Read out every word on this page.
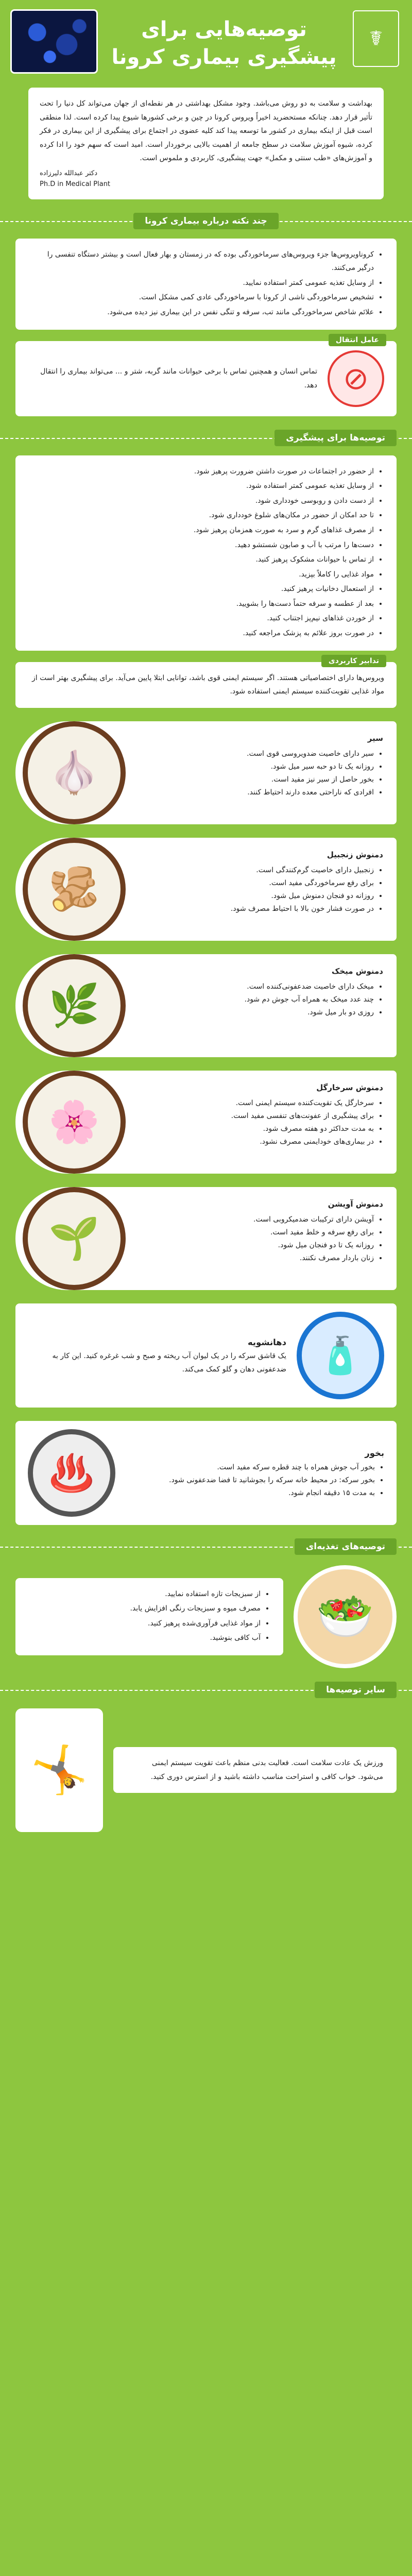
☤
توصیه‌هایی برای
پیشگیری بیماری کرونا

بهداشت و سلامت به دو روش می‌باشد. وجود مشکل بهداشتی در هر نقطه‌ای از جهان می‌تواند کل دنیا را تحت تأثیر قرار دهد. چنانکه مستحضرید اخیراً ویروس کرونا در چین و برخی کشورها شیوع پیدا کرده است. لذا منطقی است قبل از اینکه بیماری در کشور ما توسعه پیدا کند کلیه عضوی در اجتماع برای پیشگیری از این بیماری در فکر کرده، شیوه آموزش سلامت در سطح جامعه از اهمیت بالایی برخوردار است. امید است که سهم خود را ادا کرده و آموزش‌های «طب سنتی و مکمل» جهت پیشگیری، کاربردی و ملموس است.

دکتر عبدالله دلیرزاده
Ph.D in Medical Plant
چند نکته درباره بیماری کرونا
• کروناویروس‌ها جزء ویروس‌های سرماخوردگی بوده که در زمستان و بهار فعال است و بیشتر دستگاه تنفسی را درگیر می‌کنند.
• از وسایل تغذیه عمومی کمتر استفاده نمایید.
• تشخیص سرماخوردگی ناشی از کرونا با سرماخوردگی عادی کمی مشکل است.
• علائم شاخص سرماخوردگی مانند تب، سرفه و تنگی نفس در این بیماری نیز دیده می‌شود.
عامل انتقال
⊘

تماس انسان و همچنین تماس با برخی حیوانات مانند گربه، شتر و ... می‌تواند بیماری را انتقال دهد.

توصیه‌ها برای پیشگیری
• از حضور در اجتماعات در صورت داشتن ضرورت پرهیز شود.
• از وسایل تغذیه عمومی کمتر استفاده شود.
• از دست دادن و روبوسی خودداری شود.
• تا حد امکان از حضور در مکان‌های شلوغ خودداری شود.
• از مصرف غذاهای گرم و سرد به صورت همزمان پرهیز شود.
• دست‌ها را مرتب با آب و صابون شستشو دهید.
• از تماس با حیوانات مشکوک پرهیز کنید.
• مواد غذایی را کاملاً بپزید.
• از استعمال دخانیات پرهیز کنید.
• بعد از عطسه و سرفه حتماً دست‌ها را بشویید.
• از خوردن غذاهای نیم‌پز اجتناب کنید.
• در صورت بروز علائم به پزشک مراجعه کنید.
تدابیر کاربردی

ویروس‌ها دارای اختصاصیاتی هستند. اگر سیستم ایمنی قوی باشد، توانایی ابتلا پایین می‌آید. برای پیشگیری بهتر است از مواد غذایی تقویت‌کننده سیستم ایمنی استفاده شود.

🧄
سیر
• سیر دارای خاصیت ضدویروسی قوی است.
• روزانه یک تا دو حبه سیر میل شود.
• بخور حاصل از سیر نیز مفید است.
• افرادی که ناراحتی معده دارند احتیاط کنند.
🫚
دمنوش زنجبیل
• زنجبیل دارای خاصیت گرم‌کنندگی است.
• برای رفع سرماخوردگی مفید است.
• روزانه دو فنجان دمنوش میل شود.
• در صورت فشار خون بالا با احتیاط مصرف شود.
🌿
دمنوش میخک
• میخک دارای خاصیت ضدعفونی‌کننده است.
• چند عدد میخک به همراه آب جوش دم شود.
• روزی دو بار میل شود.
🌸
دمنوش سرخارگل
• سرخارگل یک تقویت‌کننده سیستم ایمنی است.
• برای پیشگیری از عفونت‌های تنفسی مفید است.
• به مدت حداکثر دو هفته مصرف شود.
• در بیماری‌های خودایمنی مصرف نشود.
🌱
دمنوش آویشن
• آویشن دارای ترکیبات ضدمیکروبی است.
• برای رفع سرفه و خلط مفید است.
• روزانه یک تا دو فنجان میل شود.
• زنان باردار مصرف نکنند.
🧴
دهانشویه

یک قاشق سرکه را در یک لیوان آب ریخته و صبح و شب غرغره کنید. این کار به ضدعفونی دهان و گلو کمک می‌کند.

بخور
• بخور آب جوش همراه با چند قطره سرکه مفید است.
• بخور سرکه: در محیط خانه سرکه را بجوشانید تا فضا ضدعفونی شود.
• به مدت ۱۵ دقیقه انجام شود.
♨️
توصیه‌های تغذیه‌ای
🥗
• از سبزیجات تازه استفاده نمایید.
• مصرف میوه و سبزیجات رنگی افزایش یابد.
• از مواد غذایی فرآوری‌شده پرهیز کنید.
• آب کافی بنوشید.
سایر توصیه‌ها

ورزش یک عادت سلامت است. فعالیت بدنی منظم باعث تقویت سیستم ایمنی می‌شود. خواب کافی و استراحت مناسب داشته باشید و از استرس دوری کنید.

🤸
